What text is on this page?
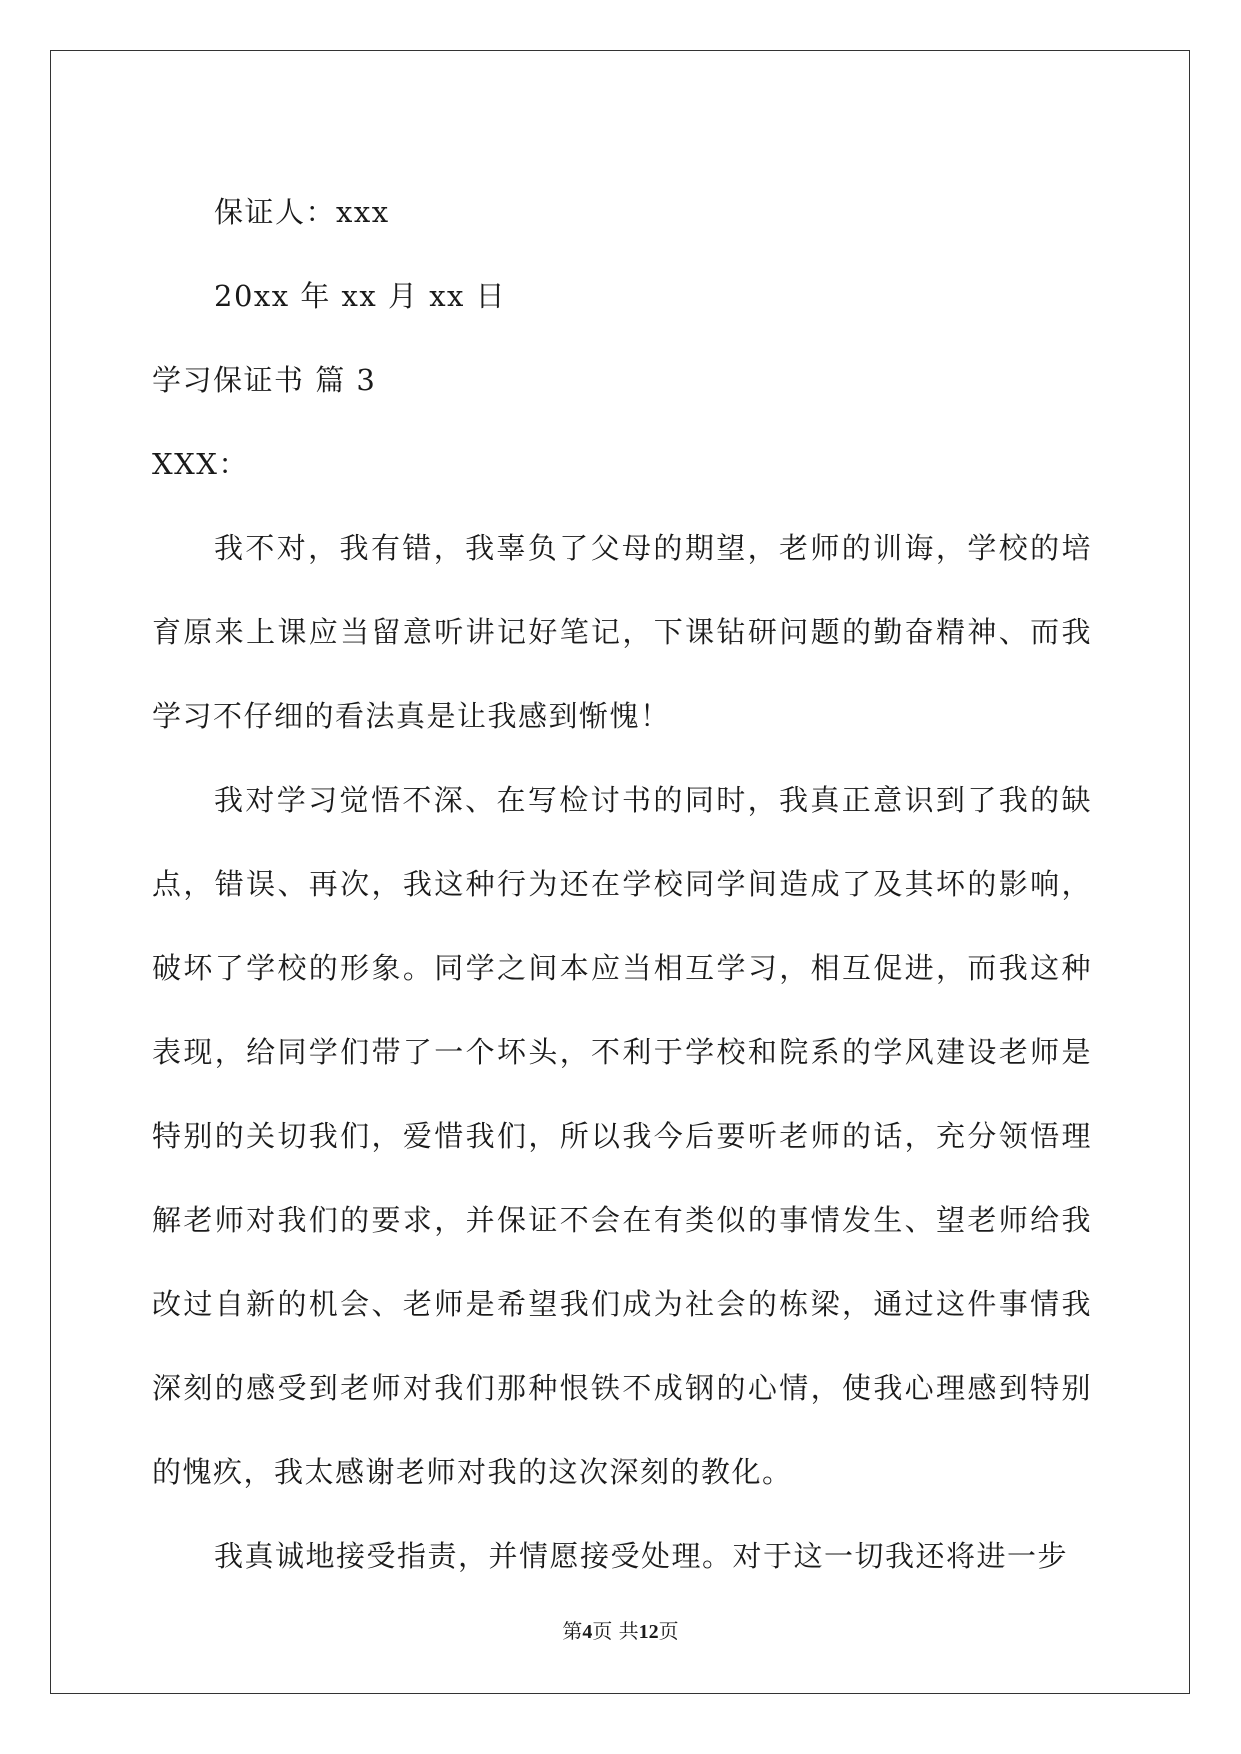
保证人：xxx
20xx 年 xx 月 xx 日
学习保证书 篇 3
XXX：

我不对，我有错，我辜负了父母的期望，老师的训诲，学校的培育原来上课应当留意听讲记好笔记，下课钻研问题的勤奋精神、而我学习不仔细的看法真是让我感到惭愧！

我对学习觉悟不深、在写检讨书的同时，我真正意识到了我的缺点，错误、再次，我这种行为还在学校同学间造成了及其坏的影响，破坏了学校的形象。同学之间本应当相互学习，相互促进，而我这种表现，给同学们带了一个坏头，不利于学校和院系的学风建设老师是特别的关切我们，爱惜我们，所以我今后要听老师的话，充分领悟理解老师对我们的要求，并保证不会在有类似的事情发生、望老师给我改过自新的机会、老师是希望我们成为社会的栋梁，通过这件事情我深刻的感受到老师对我们那种恨铁不成钢的心情，使我心理感到特别的愧疚，我太感谢老师对我的这次深刻的教化。

我真诚地接受指责，并情愿接受处理。对于这一切我还将进一步

第4页 共12页
